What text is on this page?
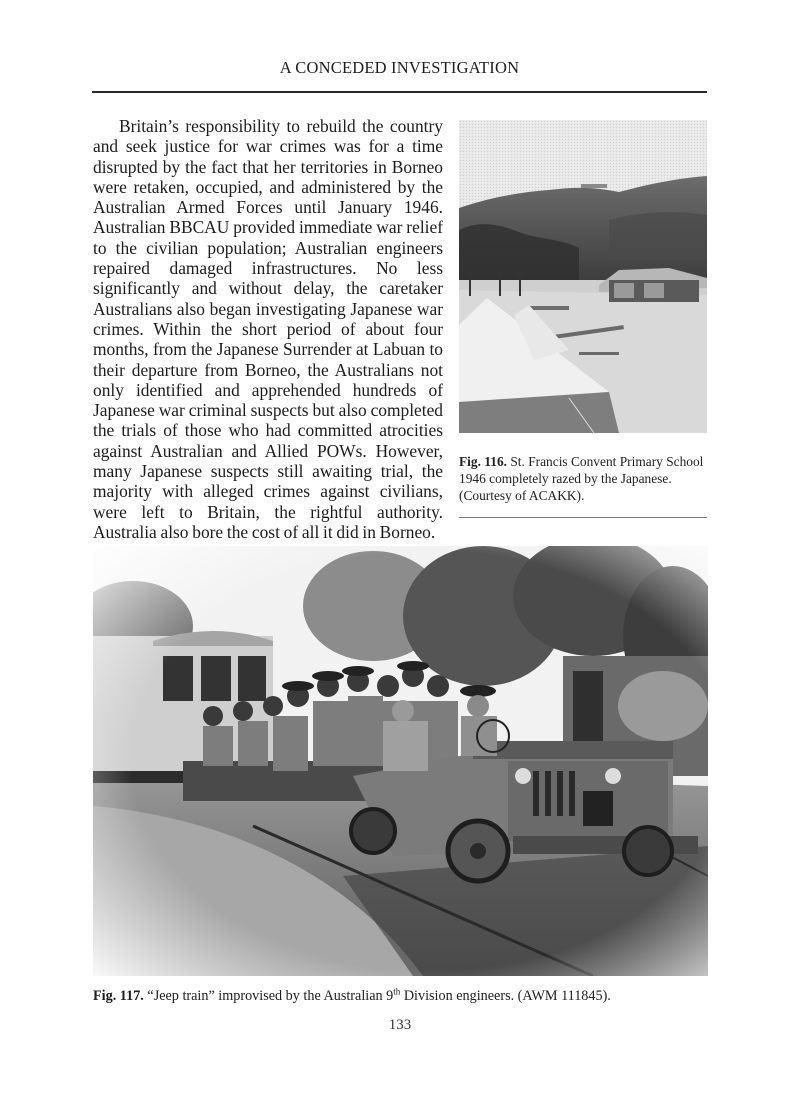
A CONCEDED INVESTIGATION

Britain’s responsibility to rebuild the country and seek justice for war crimes was for a time disrupted by the fact that her territories in Borneo were retaken, occupied, and administered by the Australian Armed Forces until January 1946. Australian BBCAU provided immediate war relief to the civilian population; Australian engineers repaired damaged infrastructures. No less significantly and without delay, the caretaker Australians also began investigating Japanese war crimes. Within the short period of about four months, from the Japanese Surrender at Labuan to their departure from Borneo, the Australians not only identified and apprehended hundreds of Japanese war criminal suspects but also completed the trials of those who had committed atrocities against Australian and Allied POWs. However, many Japanese suspects still awaiting trial, the majority with alleged crimes against civilians, were left to Britain, the rightful authority. Australia also bore the cost of all it did in Borneo.

Fig. 116. St. Francis Convent Primary School 1946 completely razed by the Japanese. (Courtesy of ACAKK).
Fig. 117. “Jeep train” improvised by the Australian 9th Division engineers. (AWM 111845).
133
